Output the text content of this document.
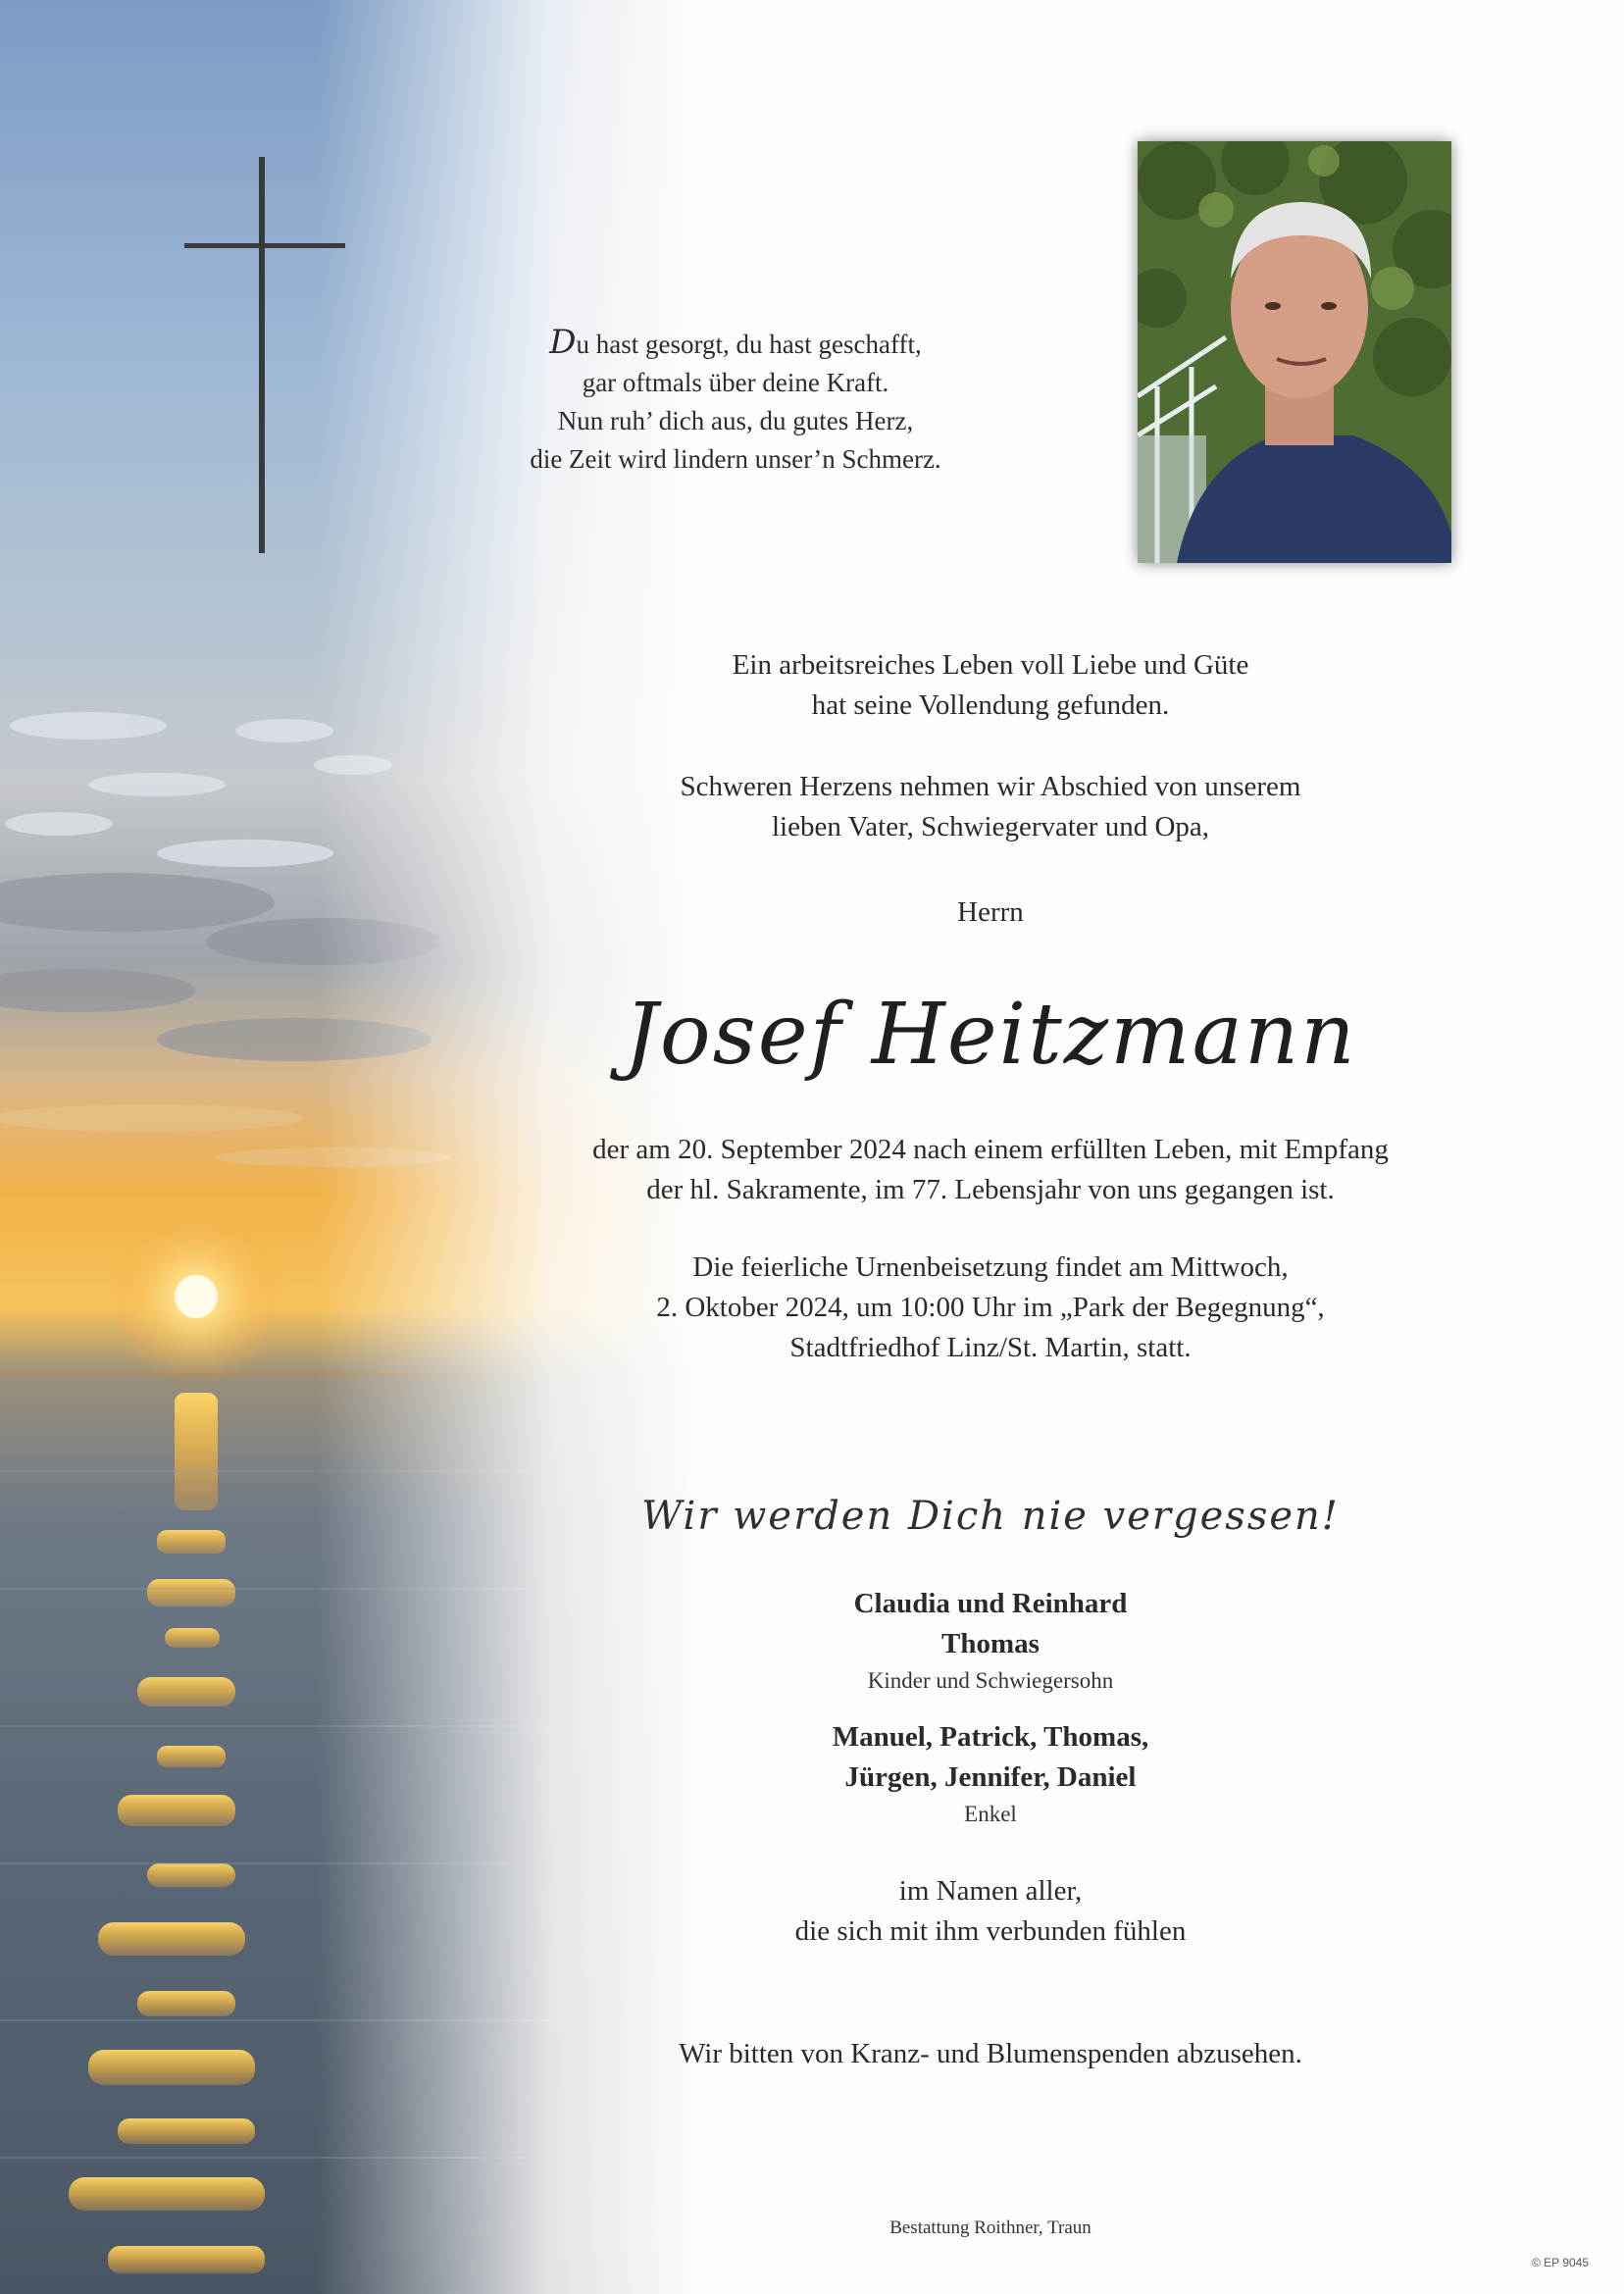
Du hast gesorgt, du hast geschafft,
gar oftmals über deine Kraft.
Nun ruh’ dich aus, du gutes Herz,
die Zeit wird lindern unser’n Schmerz.
Ein arbeitsreiches Leben voll Liebe und Güte
hat seine Vollendung gefunden.
Schweren Herzens nehmen wir Abschied von unserem
lieben Vater, Schwiegervater und Opa,
Herrn
Josef Heitzmann
der am 20. September 2024 nach einem erfüllten Leben, mit Empfang
der hl. Sakramente, im 77. Lebensjahr von uns gegangen ist.
Die feierliche Urnenbeisetzung findet am Mittwoch,
2. Oktober 2024, um 10:00 Uhr im „Park der Begegnung“,
Stadtfriedhof Linz/St. Martin, statt.
Wir werden Dich nie vergessen!
Claudia und Reinhard
Thomas
Kinder und Schwiegersohn
Manuel, Patrick, Thomas,
Jürgen, Jennifer, Daniel
Enkel
im Namen aller,
die sich mit ihm verbunden fühlen
Wir bitten von Kranz- und Blumenspenden abzusehen.
Bestattung Roithner, Traun
© EP 9045
